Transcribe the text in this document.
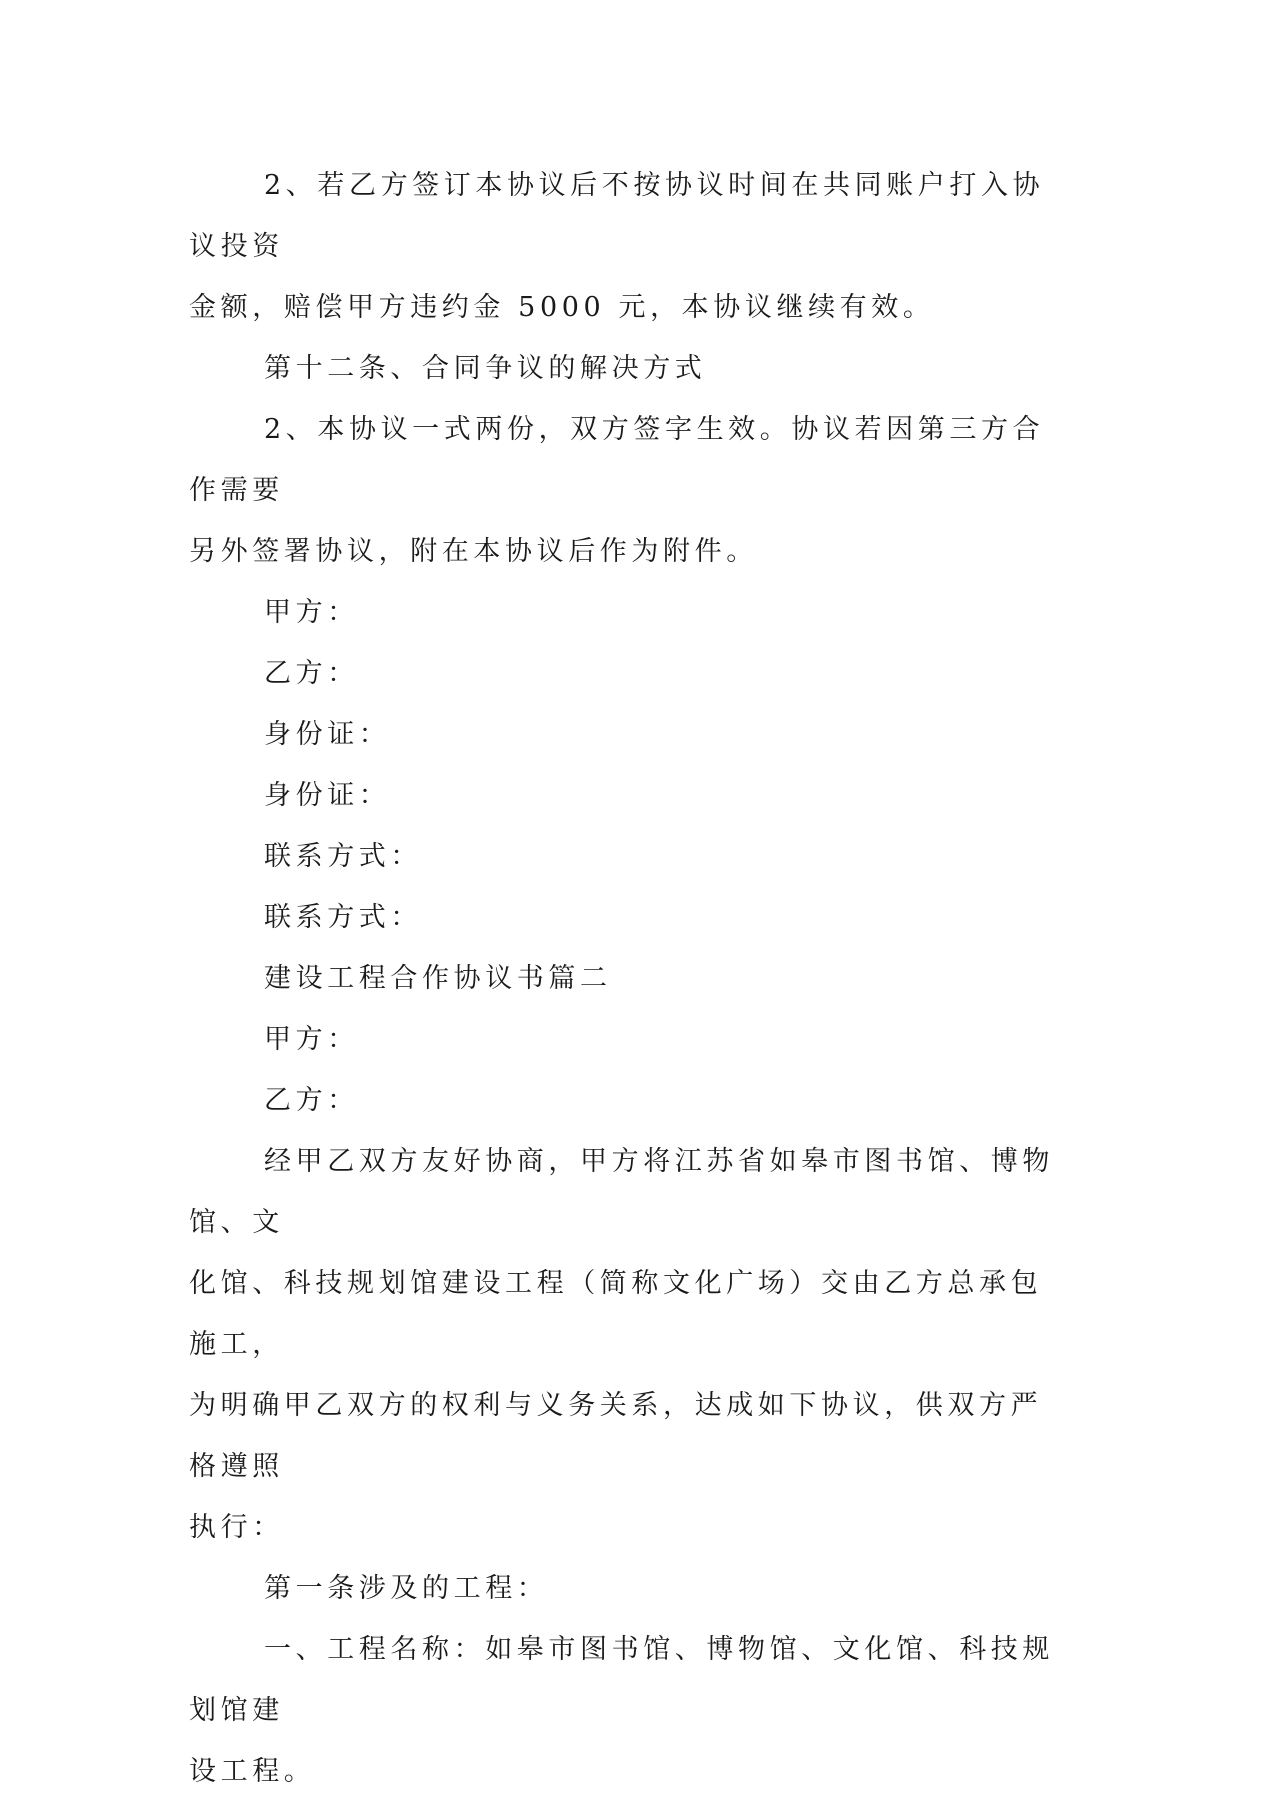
2、若乙方签订本协议后不按协议时间在共同账户打入协议投资
金额，赔偿甲方违约金 5000 元，本协议继续有效。

第十二条、合同争议的解决方式

2、本协议一式两份，双方签字生效。协议若因第三方合作需要
另外签署协议，附在本协议后作为附件。

甲方：

乙方：

身份证：

身份证：

联系方式：

联系方式：

建设工程合作协议书篇二

甲方：

乙方：

经甲乙双方友好协商，甲方将江苏省如皋市图书馆、博物馆、文
化馆、科技规划馆建设工程（简称文化广场）交由乙方总承包施工，
为明确甲乙双方的权利与义务关系，达成如下协议，供双方严格遵照
执行：

第一条涉及的工程：

一、工程名称：如皋市图书馆、博物馆、文化馆、科技规划馆建
设工程。
